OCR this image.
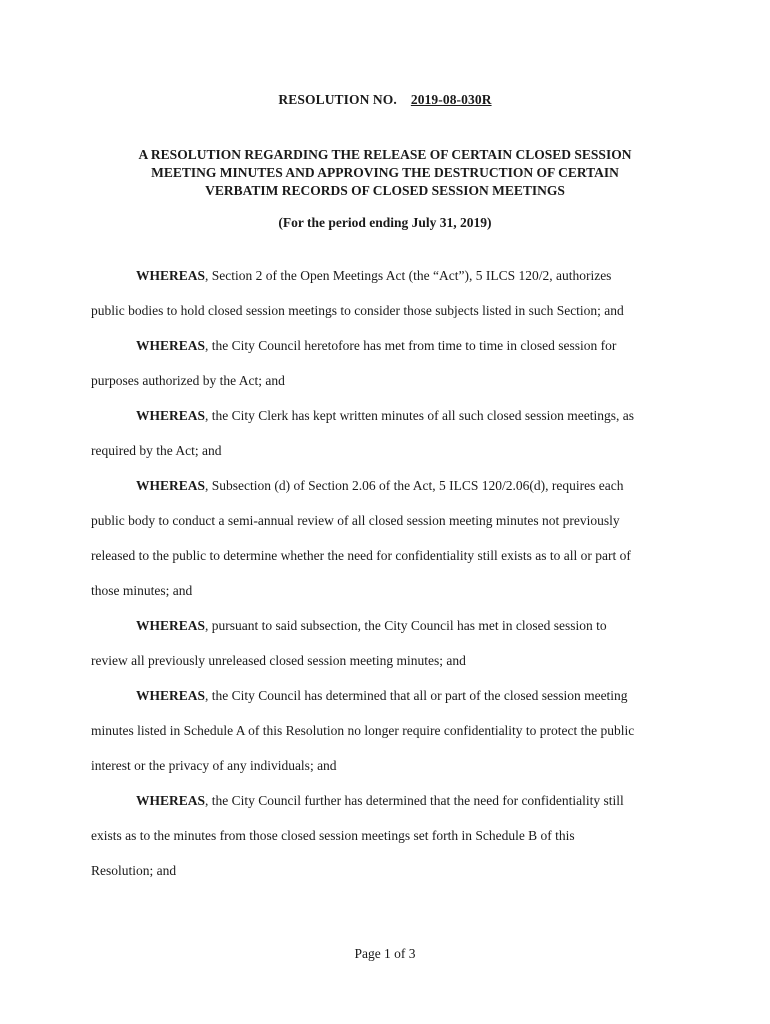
RESOLUTION NO. 2019-08-030R
A RESOLUTION REGARDING THE RELEASE OF CERTAIN CLOSED SESSION
MEETING MINUTES AND APPROVING THE DESTRUCTION OF CERTAIN
VERBATIM RECORDS OF CLOSED SESSION MEETINGS
(For the period ending July 31, 2019)
WHEREAS, Section 2 of the Open Meetings Act (the “Act”), 5 ILCS 120/2, authorizes
public bodies to hold closed session meetings to consider those subjects listed in such Section; and
WHEREAS, the City Council heretofore has met from time to time in closed session for
purposes authorized by the Act; and
WHEREAS, the City Clerk has kept written minutes of all such closed session meetings, as
required by the Act; and
WHEREAS, Subsection (d) of Section 2.06 of the Act, 5 ILCS 120/2.06(d), requires each
public body to conduct a semi-annual review of all closed session meeting minutes not previously
released to the public to determine whether the need for confidentiality still exists as to all or part of
those minutes; and
WHEREAS, pursuant to said subsection, the City Council has met in closed session to
review all previously unreleased closed session meeting minutes; and
WHEREAS, the City Council has determined that all or part of the closed session meeting
minutes listed in Schedule A of this Resolution no longer require confidentiality to protect the public
interest or the privacy of any individuals; and
WHEREAS, the City Council further has determined that the need for confidentiality still
exists as to the minutes from those closed session meetings set forth in Schedule B of this
Resolution; and
Page 1 of 3
